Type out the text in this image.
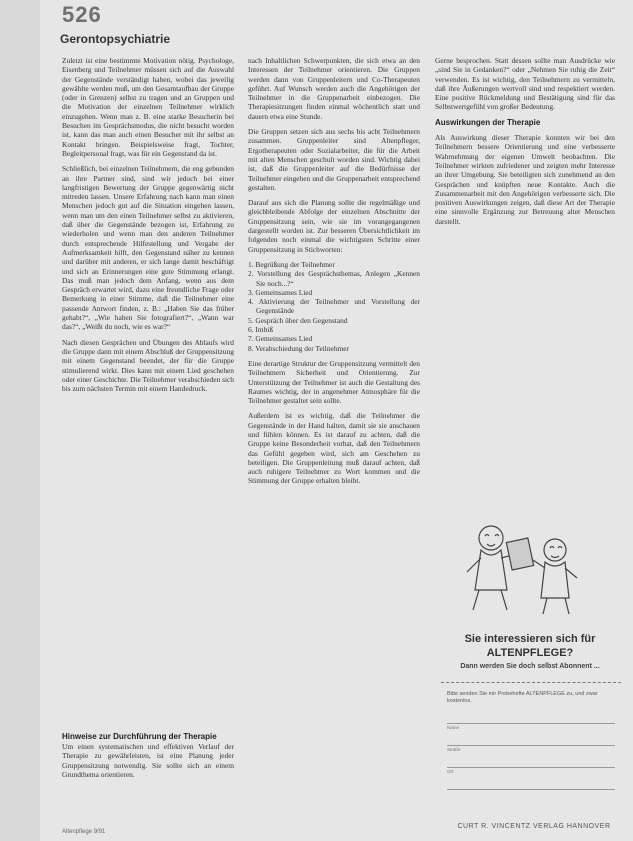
526
Gerontopsychiatrie

Zuletzt ist eine bestimmte Motivation nötig. Psychologe, Eisenberg und Teilnehmer müssen sich auf die Auswahl der Gegenstände verständigt haben, wobei das jeweilig gewählte werden muß, um den Gesamtaufbau der Gruppe (oder in Grenzen) selbst zu tragen und an Gruppen und die Motivation der einzelnen Teilnehmer wirklich einzugehen. Wenn man z. B. eine starke Besucherin bei Besuchen im Gesprächsmodus, die nicht besucht worden ist, kann das man auch einen Besucher mit ihr selbst an Kontakt bringen. Beispielsweise fragt, Tochter, Begleitpersonal fragt, was für ein Gegenstand da ist.

Schließlich, bei einzelnen Teilnehmern, die eng gebunden an ihre Partner sind, sind wir jedoch bei einer langfristigen Bewertung der Gruppe gegenwärtig nicht mitreden lassen. Unsere Erfahrung nach kann man einen Menschen jedoch gut auf die Situation eingehen lassen, wenn man um den einen Teilnehmer selbst zu aktivieren, daß über die Gegenstände bezogen ist, Erfahrung zu wiederholen und wenn man den anderen Teilnehmer durch entsprechende Hilfestellung und Vergabe der Aufmerksamkeit hilft, den Gegenstand näher zu kennen und darüber mit anderen, er sich lange damit beschäftigt und sich an Erinnerungen eine gute Stimmung erlangt. Das muß man jedoch dem Anfang, wenn aus dem Gespräch erwartet wird, dazu eine freundliche Frage oder Bemerkung in einer Stimme, daß die Teilnehmer eine passende Antwort finden, z. B.: „Haben Sie das früher gehabt?“, „Wie haben Sie fotografiert?“, „Wann war das?“, „Weißt du noch, wie es war?“

Nach diesen Gesprächen und Übungen des Ablaufs wird die Gruppe dann mit einem Abschluß der Gruppensitzung mit einem Gegenstand beendet, der für die Gruppe stimulierend wirkt. Dies kann mit einem Lied geschehen oder einer Geschichte. Die Teilnehmer verabschieden sich bis zum nächsten Termin mit einem Handedruck.

Hinweise zur Durchführung der Therapie
Um einen systematischen und effektiven Verlauf der Therapie zu gewährleisten, ist eine Planung jeder Gruppensitzung notwendig. Sie sollte sich an einem Grundthema orientieren.

nach Inhaltlichen Schwerpunkten, die sich etwa an den Interessen der Teilnehmer orientieren. Die Gruppen werden dann von Gruppenleitern und Co-Therapeuten geführt. Auf Wunsch werden auch die Angehörigen der Teilnehmer in die Gruppenarbeit einbezogen. Die Therapiesitzungen finden einmal wöchentlich statt und dauern etwa eine Stunde.

Die Gruppen setzen sich aus sechs bis acht Teilnehmern zusammen. Gruppenleiter sind Altenpfleger, Ergotherapeuten oder Sozialarbeiter, die für die Arbeit mit alten Menschen geschult worden sind. Wichtig dabei ist, daß die Gruppenleiter auf die Bedürfnisse der Teilnehmer eingehen und die Gruppenarbeit entsprechend gestalten.

Darauf aus sich die Planung sollte die regelmäßige und gleichbleibende Abfolge der einzelnen Abschnitte der Gruppensitzung sein, wie sie im vorangegangenen dargestellt worden ist. Zur besseren Übersichtlichkeit im folgenden noch einmal die wichtigsten Schritte einer Gruppensitzung in Stichworten:

1. Begrüßung der Teilnehmer
2. Vorstellung des Gesprächsthemas, Anlegen „Kennen Sie noch...?“
3. Gemeinsames Lied
4. Aktivierung der Teilnehmer und Vorstellung der Gegenstände
5. Gespräch über den Gegenstand
6. Imbiß
7. Gemeinsames Lied
8. Verabschiedung der Teilnehmer

Eine derartige Struktur der Gruppensitzung vermittelt den Teilnehmern Sicherheit und Orientierung. Zur Unterstützung der Teilnehmer ist auch die Gestaltung des Raumes wichtig, der in angenehmer Atmosphäre für die Teilnehmer gestaltet sein sollte.

Außerdem ist es wichtig, daß die Teilnehmer die Gegenstände in der Hand halten, damit sie sie anschauen und fühlen können. Es ist darauf zu achten, daß die Gruppe keine Besonderheit vorhat, daß den Teilnehmern das Gefühl gegeben wird, sich am Geschehen zu beteiligen. Die Gruppenleitung muß darauf achten, daß auch ruhigere Teilnehmer zu Wort kommen und die Stimmung der Gruppe erhalten bleibt.

Gerne besprochen. Statt dessen sollte man Ausdrücke wie „sind Sie in Gedanken?“ oder „Nehmen Sie ruhig die Zeit“ verwenden. Es ist wichtig, den Teilnehmern zu vermitteln, daß ihre Äußerungen wertvoll sind und respektiert werden. Eine positive Rückmeldung und Bestätigung sind für das Selbstwertgefühl von großer Bedeutung.

Auswirkungen der Therapie

Als Auswirkung dieser Therapie konnten wir bei den Teilnehmern bessere Orientierung und eine verbesserte Wahrnehmung der eigenen Umwelt beobachten. Die Teilnehmer wirkten zufriedener und zeigten mehr Interesse an ihrer Umgebung. Sie beteiligten sich zunehmend an den Gesprächen und knüpften neue Kontakte. Auch die Zusammenarbeit mit den Angehörigen verbesserte sich. Die positiven Auswirkungen zeigen, daß diese Art der Therapie eine sinnvolle Ergänzung zur Betreuung alter Menschen darstellt.

Sie interessieren sich für
ALTENPFLEGE?
Dann werden Sie doch selbst Abonnent ...
Bitte senden Sie mir Probehefte ALTENPFLEGE zu, und zwar kostenlos.
Name
Straße
Ort
CURT R. VINCENTZ VERLAG HANNOVER
Altenpflege 9/91
